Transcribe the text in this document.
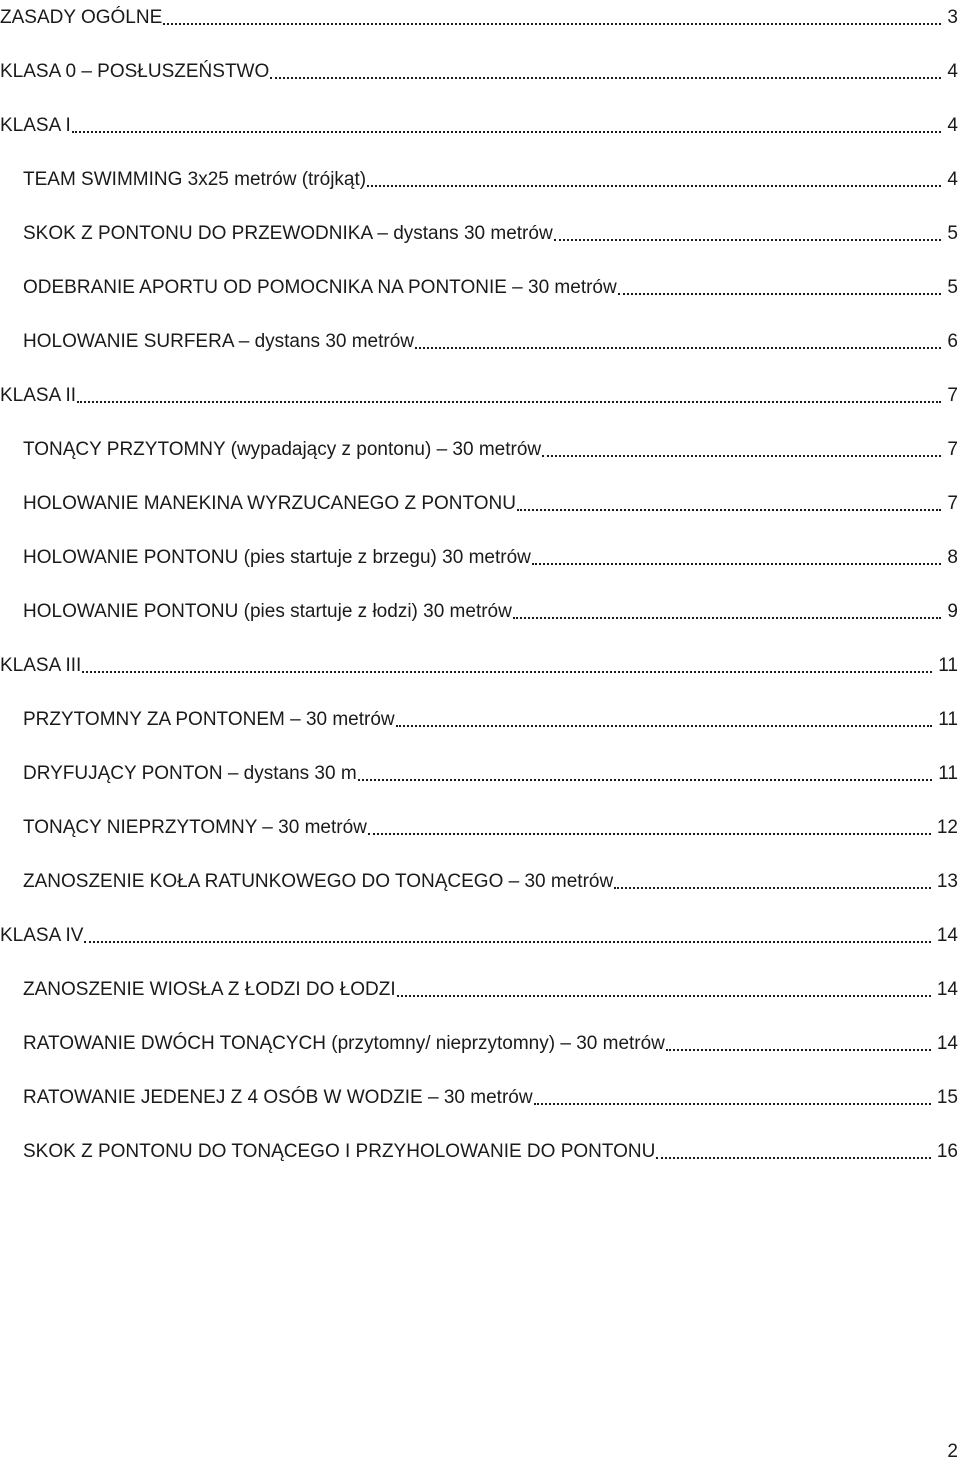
ZASADY OGÓLNE	3
KLASA 0 – POSŁUSZEŃSTWO	4
KLASA I	4
TEAM SWIMMING 3x25 metrów (trójkąt)	4
SKOK Z PONTONU DO PRZEWODNIKA – dystans 30 metrów	5
ODEBRANIE APORTU OD POMOCNIKA NA PONTONIE – 30 metrów	5
HOLOWANIE SURFERA – dystans 30 metrów	6
KLASA II	7
TONĄCY PRZYTOMNY (wypadający z pontonu) – 30 metrów	7
HOLOWANIE MANEKINA WYRZUCANEGO Z PONTONU	7
HOLOWANIE PONTONU (pies startuje z brzegu) 30 metrów	8
HOLOWANIE PONTONU (pies startuje z łodzi) 30 metrów	9
KLASA III	11
PRZYTOMNY ZA PONTONEM – 30 metrów	11
DRYFUJĄCY PONTON – dystans 30 m	11
TONĄCY NIEPRZYTOMNY – 30 metrów	12
ZANOSZENIE KOŁA RATUNKOWEGO DO TONĄCEGO – 30 metrów	13
KLASA IV	14
ZANOSZENIE WIOSŁA Z ŁODZI DO ŁODZI	14
RATOWANIE DWÓCH TONĄCYCH (przytomny/ nieprzytomny) – 30 metrów	14
RATOWANIE JEDENEJ Z 4 OSÓB W WODZIE – 30 metrów	15
SKOK Z PONTONU DO TONĄCEGO I PRZYHOLOWANIE DO PONTONU	16
2
